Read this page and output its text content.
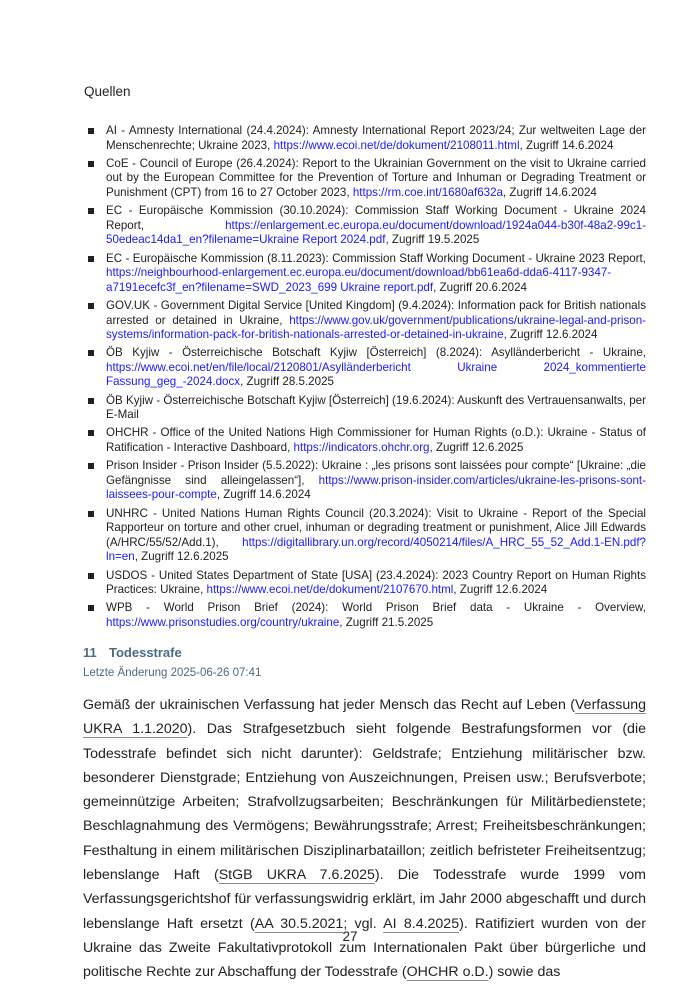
Quellen
AI - Amnesty International (24.4.2024): Amnesty International Report 2023/24; Zur weltweiten Lage der Menschenrechte; Ukraine 2023, https://www.ecoi.net/de/dokument/2108011.html, Zugriff 14.6.2024
CoE - Council of Europe (26.4.2024): Report to the Ukrainian Government on the visit to Ukraine carried out by the European Committee for the Prevention of Torture and Inhuman or Degrading Treatment or Punishment (CPT) from 16 to 27 October 2023, https://rm.coe.int/1680af632a, Zugriff 14.6.2024
EC - Europäische Kommission (30.10.2024): Commission Staff Working Document - Ukraine 2024 Report, https://enlargement.ec.europa.eu/document/download/1924a044-b30f-48a2-99c1-50edeac14da1_en?filename=Ukraine Report 2024.pdf, Zugriff 19.5.2025
EC - Europäische Kommission (8.11.2023): Commission Staff Working Document - Ukraine 2023 Report, https://neighbourhood-enlargement.ec.europa.eu/document/download/bb61ea6d-dda6-4117-9347-a7191ecefc3f_en?filename=SWD_2023_699 Ukraine report.pdf, Zugriff 20.6.2024
GOV.UK - Government Digital Service [United Kingdom] (9.4.2024): Information pack for British nationals arrested or detained in Ukraine, https://www.gov.uk/government/publications/ukraine-legal-and-prison-systems/information-pack-for-british-nationals-arrested-or-detained-in-ukraine, Zugriff 12.6.2024
ÖB Kyjiw - Österreichische Botschaft Kyjiw [Österreich] (8.2024): Asylländerbericht - Ukraine, https://www.ecoi.net/en/file/local/2120801/Asylländerbericht Ukraine 2024_kommentierte Fassung_geg_-2024.docx, Zugriff 28.5.2025
ÖB Kyjiw - Österreichische Botschaft Kyjiw [Österreich] (19.6.2024): Auskunft des Vertrauensanwalts, per E-Mail
OHCHR - Office of the United Nations High Commissioner for Human Rights (o.D.): Ukraine - Status of Ratification - Interactive Dashboard, https://indicators.ohchr.org, Zugriff 12.6.2025
Prison Insider - Prison Insider (5.5.2022): Ukraine : „les prisons sont laissées pour compte“ [Ukraine: „die Gefängnisse sind alleingelassen“], https://www.prison-insider.com/articles/ukraine-les-prisons-sont-laissees-pour-compte, Zugriff 14.6.2024
UNHRC - United Nations Human Rights Council (20.3.2024): Visit to Ukraine - Report of the Special Rapporteur on torture and other cruel, inhuman or degrading treatment or punishment, Alice Jill Edwards (A/HRC/55/52/Add.1), https://digitallibrary.un.org/record/4050214/files/A_HRC_55_52_Add.1-EN.pdf?ln=en, Zugriff 12.6.2025
USDOS - United States Department of State [USA] (23.4.2024): 2023 Country Report on Human Rights Practices: Ukraine, https://www.ecoi.net/de/dokument/2107670.html, Zugriff 12.6.2024
WPB - World Prison Brief (2024): World Prison Brief data - Ukraine - Overview, https://www.prisonstudies.org/country/ukraine, Zugriff 21.5.2025
11 Todesstrafe
Letzte Änderung 2025-06-26 07:41

Gemäß der ukrainischen Verfassung hat jeder Mensch das Recht auf Leben (Verfassung UKRA 1.1.2020). Das Strafgesetzbuch sieht folgende Bestrafungsformen vor (die Todesstrafe befindet sich nicht darunter): Geldstrafe; Entziehung militärischer bzw. besonderer Dienstgrade; Entziehung von Auszeichnungen, Preisen usw.; Berufsverbote; gemeinnützige Arbeiten; Strafvollzugsarbeiten; Beschränkungen für Militärbedienstete; Beschlagnahmung des Vermögens; Bewährungsstrafe; Arrest; Freiheitsbeschränkungen; Festhaltung in einem militärischen Disziplinarbataillon; zeitlich befristeter Freiheitsentzug; lebenslange Haft (StGB UKRA 7.6.2025). Die Todesstrafe wurde 1999 vom Verfassungsgerichtshof für verfassungswidrig erklärt, im Jahr 2000 abgeschafft und durch lebenslange Haft ersetzt (AA 30.5.2021; vgl. AI 8.4.2025). Ratifiziert wurden von der Ukraine das Zweite Fakultativprotokoll zum Internationalen Pakt über bürgerliche und politische Rechte zur Abschaffung der Todesstrafe (OHCHR o.D.) sowie das

27
